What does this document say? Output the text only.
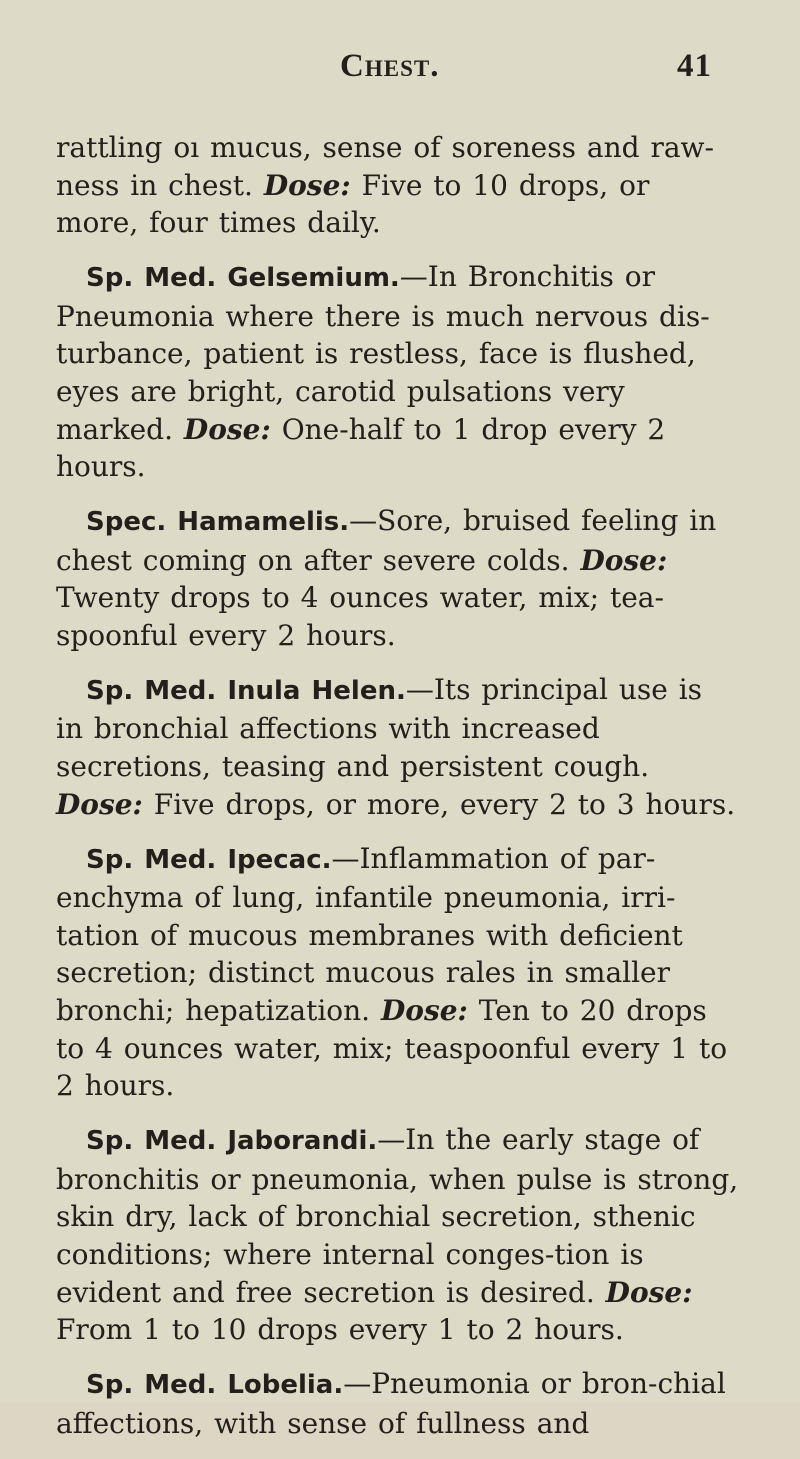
Chest.	41

rattling oı mucus, sense of soreness and raw-ness in chest. Dose: Five to 10 drops, or more, four times daily.

Sp. Med. Gelsemium.—In Bronchitis or Pneumonia where there is much nervous dis-turbance, patient is restless, face is flushed, eyes are bright, carotid pulsations very marked. Dose: One-half to 1 drop every 2 hours.

Spec. Hamamelis.—Sore, bruised feeling in chest coming on after severe colds. Dose: Twenty drops to 4 ounces water, mix; tea-spoonful every 2 hours.

Sp. Med. Inula Helen.—Its principal use is in bronchial affections with increased secretions, teasing and persistent cough. Dose: Five drops, or more, every 2 to 3 hours.

Sp. Med. Ipecac.—Inflammation of par-enchyma of lung, infantile pneumonia, irri-tation of mucous membranes with deficient secretion; distinct mucous rales in smaller bronchi; hepatization. Dose: Ten to 20 drops to 4 ounces water, mix; teaspoonful every 1 to 2 hours.

Sp. Med. Jaborandi.—In the early stage of bronchitis or pneumonia, when pulse is strong, skin dry, lack of bronchial secretion, sthenic conditions; where internal conges-tion is evident and free secretion is desired. Dose: From 1 to 10 drops every 1 to 2 hours.

Sp. Med. Lobelia.—Pneumonia or bron-chial affections, with sense of fullness and
